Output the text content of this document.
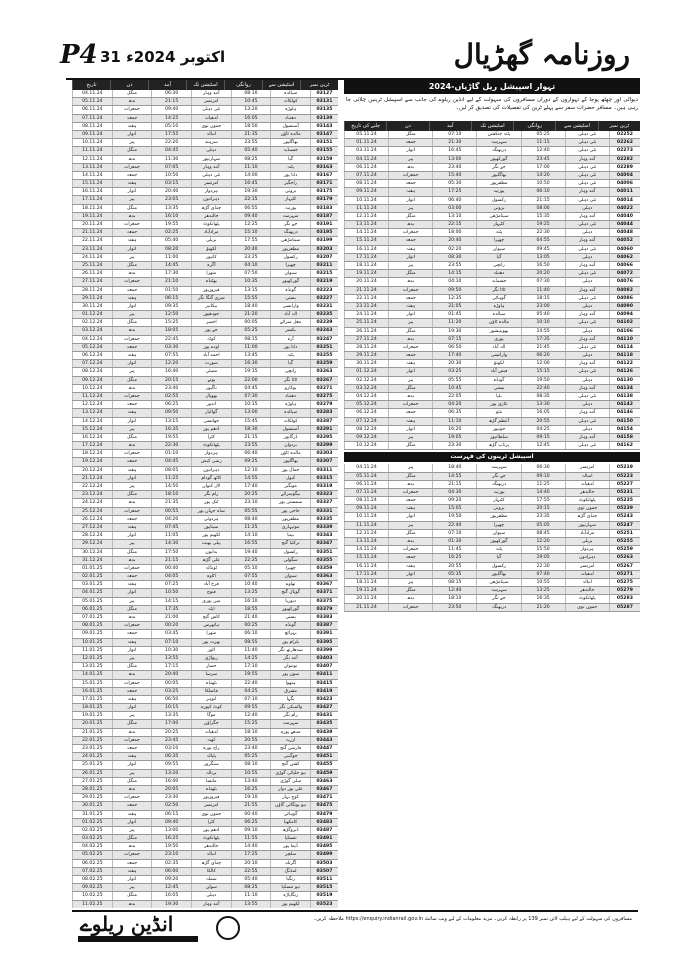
P4 31 اکتوبر 2024ء	روزنامہ گھڑیال
تہوار اسپیشل ریل گاڑیاں-2024
دیوالی اور چھٹھ پوجا کے تہواروں کے دوران مسافروں کی سہولت کے لیے انڈین ریلوے کی جانب سے اسپیشل ٹرینیں چلائی جا رہی ہیں۔ مسافر حضرات سفر سے پہلے ٹرین کی تفصیلات کی تصدیق کر لیں۔
ٹرین نمبر
اسٹیشن سے
روانگی
اسٹیشن تک
آمد
دن
چلنے کی تاریخ
02252
نئی دہلی
05:25
پٹنہ جنکشن
07:10
منگل
05.11.24
02262
نئی دہلی
11:15
سہرسہ
21:30
جمعہ
01.11.24
02273
نئی دہلی
12:40
دربھنگہ
16:45
اتوار
03.11.24
02282
آنند وہار
23:45
گورکھپور
13:00
پیر
04.11.24
02289
نئی دہلی
17:00
جے نگر
23:40
بدھ
06.11.24
04004
نئی دہلی
14:20
بھاگلپور
15:40
جمعرات
07.11.24
04006
نئی دہلی
10:50
مظفرپور
05:30
جمعہ
08.11.24
04011
آنند وہار
06:10
پورنیہ
17:25
ہفتہ
09.11.24
04014
نئی دہلی
21:15
رکسول
06:40
اتوار
10.11.24
04022
دہلی
08:00
برونی
03:00
پیر
11.11.24
04040
آنند وہار
15:35
سیتامڑھی
13:10
منگل
12.11.24
04044
نئی دہلی
19:25
کٹیہار
22:15
بدھ
13.11.24
04048
دہلی
22:30
پٹنہ
18:00
جمعرات
14.11.24
04052
آنند وہار
04:55
چھپرا
20:40
جمعہ
15.11.24
04060
نئی دہلی
09:45
سیوان
02:20
ہفتہ
16.11.24
04062
دہلی
13:05
گیا
08:30
اتوار
17.11.24
04066
آنند وہار
16:50
رانچی
23:55
پیر
18.11.24
04072
نئی دہلی
20:20
دھنباد
14:15
منگل
19.11.24
04076
دہلی
07:30
جسیڈیہ
04:10
بدھ
20.11.24
04082
آنند وہار
11:40
ٹاٹا نگر
09:50
جمعرات
21.11.24
04086
نئی دہلی
18:15
گوہاٹی
12:35
جمعہ
22.11.24
04090
دہلی
23:00
ہاوڑہ
21:05
ہفتہ
23.11.24
04094
آنند وہار
05:40
سیالدہ
01:45
اتوار
24.11.24
04102
نئی دہلی
10:10
مالدہ ٹاؤن
11:20
پیر
25.11.24
04106
دہلی
14:55
بھوبنیشور
19:30
منگل
26.11.24
04110
آنند وہار
17:35
پوری
07:15
بدھ
27.11.24
04114
نئی دہلی
21:45
الہ آباد
06:50
جمعرات
28.11.24
04118
دہلی
06:20
وارانسی
17:40
جمعہ
29.11.24
04122
آنند وہار
12:00
لکھنؤ
20:30
ہفتہ
30.11.24
04126
نئی دہلی
15:15
فیض آباد
03:25
اتوار
01.12.24
04130
دہلی
19:50
گونڈہ
05:55
پیر
02.12.24
04134
آنند وہار
22:40
بستی
10:45
منگل
03.12.24
04138
نئی دہلی
08:35
بلیا
22:05
بدھ
04.12.24
04142
دہلی
13:30
غازی پور
04:20
جمعرات
05.12.24
04146
آنند وہار
16:05
مئو
06:35
جمعہ
06.12.24
04150
نئی دہلی
20:55
آعظم گڑھ
11:10
ہفتہ
07.12.24
04154
دہلی
04:25
جونپور
16:20
اتوار
08.12.24
04158
آنند وہار
09:15
سلطانپور
19:05
پیر
09.12.24
04162
نئی دہلی
12:45
پرتاپ گڑھ
23:30
منگل
10.12.24
اسپیشل ٹرینوں کی فہرست
05219
امرتسر
06:30
سہرسہ
18:40
پیر
04.11.24
05223
امبالہ
09:10
جے نگر
14:55
منگل
05.11.24
05227
لدھیانہ
11:25
دربھنگہ
21:15
بدھ
06.11.24
05231
جالندھر
14:40
پورنیہ
04:30
جمعرات
07.11.24
05235
پٹھانکوٹ
17:55
کٹیہار
09:20
جمعہ
08.11.24
05239
جموں توی
20:15
برونی
15:05
ہفتہ
09.11.24
05243
چنڈی گڑھ
23:35
مظفرپور
19:50
اتوار
10.11.24
05247
سہارنپور
05:05
چھپرا
22:40
پیر
11.11.24
05251
مرادآباد
08:45
سیوان
07:10
منگل
12.11.24
05255
بریلی
12:20
گورکھپور
01:30
بدھ
13.11.24
05259
ہردوار
15:50
پٹنہ
11:45
جمعرات
14.11.24
05263
دہرادون
19:05
گیا
16:25
جمعہ
15.11.24
05267
امرتسر
22:30
رکسول
20:55
ہفتہ
16.11.24
05271
لدھیانہ
07:40
بھاگلپور
05:35
اتوار
17.11.24
05275
انبالہ
10:55
سیتامڑھی
08:15
پیر
18.11.24
05279
جالندھر
13:25
سہرسہ
12:40
منگل
19.11.24
05283
پٹھانکوٹ
16:35
جے نگر
18:10
بدھ
20.11.24
05287
جموں توی
21:20
دربھنگہ
23:50
جمعرات
21.11.24
ٹرین نمبر
اسٹیشن سے
روانگی
اسٹیشن تک
آمد
دن
تاریخ
03127
سیالدہ
08:10
آنند وہار
06:30
منگل
04.11.24
03131
کولکاتہ
10:45
امرتسر
21:15
بدھ
05.11.24
03135
ہاوڑہ
13:20
نئی دہلی
09:40
جمعرات
06.11.24
03139
دھنباد
16:05
لدھیانہ
14:25
جمعہ
07.11.24
03143
آسنسول
18:50
جموں توی
05:10
ہفتہ
08.11.24
03147
مالدہ ٹاؤن
21:35
انبالہ
17:55
اتوار
09.11.24
03151
بھاگلپور
23:55
سرہند
22:20
پیر
10.11.24
03155
جسیڈیہ
05:40
دہلی
04:45
منگل
11.11.24
03159
گیا
08:25
سہارنپور
11:30
بدھ
12.11.24
03163
پٹنہ
11:10
آنند وہار
07:05
جمعرات
13.11.24
03167
دانا پور
14:00
نئی دہلی
10:50
جمعہ
14.11.24
03171
راجگیر
16:45
امرتسر
03:15
ہفتہ
15.11.24
03175
برونی
19:30
ہردوار
20:40
اتوار
16.11.24
03179
کٹیہار
22:15
دہرادون
23:05
پیر
17.11.24
03183
پورنیہ
06:55
چنڈی گڑھ
13:35
منگل
18.11.24
03187
سہرسہ
09:40
جالندھر
16:10
بدھ
19.11.24
03191
جے نگر
12:25
پٹھانکوٹ
19:55
جمعرات
20.11.24
03195
دربھنگہ
15:10
مرادآباد
02:25
جمعہ
21.11.24
03199
سیتامڑھی
17:55
بریلی
05:40
ہفتہ
22.11.24
03203
مظفرپور
20:40
لکھنؤ
08:20
اتوار
23.11.24
03207
رکسول
23:25
کانپور
11:00
پیر
24.11.24
03211
چھپرا
04:10
آگرہ
14:45
منگل
25.11.24
03215
سیوان
07:50
متھرا
17:30
بدھ
26.11.24
03219
گورکھپور
10:35
بھٹنڈہ
21:10
جمعرات
27.11.24
03223
گونڈہ
13:15
فیروزپور
01:50
جمعہ
28.11.24
03227
بستی
15:55
شری گنگا نگر
06:15
ہفتہ
29.11.24
03231
وارانسی
18:40
بیکانیر
09:35
اتوار
30.11.24
03235
الہ آباد
21:20
جودھپور
12:50
پیر
01.12.24
03239
مغل سرائے
00:05
اجمیر
15:25
منگل
02.12.24
03243
بکسر
05:25
جے پور
18:05
بدھ
03.12.24
03247
آرہ
08:15
کوٹہ
22:45
جمعرات
04.12.24
03251
دانا پور
11:00
اودے پور
03:30
جمعہ
05.12.24
03255
پٹنہ
13:45
احمد آباد
07:55
ہفتہ
06.12.24
03259
گیا
16:30
سورت
12:20
اتوار
07.12.24
03263
رانچی
19:15
ممبئی
16:40
پیر
08.12.24
03267
ٹاٹا نگر
22:00
پونے
20:15
منگل
09.12.24
03271
بوکارو
04:45
ناگپور
23:40
بدھ
10.12.24
03275
دھنباد
07:30
بھوپال
02:55
جمعرات
11.12.24
03279
ہاوڑہ
10:15
اندور
06:25
جمعہ
12.12.24
03283
سیالدہ
13:00
گوالیار
09:50
ہفتہ
13.12.24
03287
کولکاتہ
15:45
جھانسی
13:15
اتوار
14.12.24
03291
آسنسول
18:30
ادھم پور
16:35
پیر
15.12.24
03295
دُرگاپور
21:15
کٹرا
19:55
منگل
16.12.24
03299
بردوان
23:55
پٹھانکوٹ
22:30
بدھ
17.12.24
03303
مالدہ ٹاؤن
06:40
ہردوار
01:10
جمعرات
18.12.24
03307
بھاگلپور
09:25
رشی کیش
04:45
جمعہ
19.12.24
03311
جمال پور
12:10
دہرادون
08:05
ہفتہ
20.12.24
03315
کیول
14:55
کاٹھ گودام
11:25
اتوار
21.12.24
03319
مونگیر
17:40
لال کنواں
14:50
پیر
22.12.24
03323
بیگوسرائے
20:25
رام نگر
18:10
منگل
23.12.24
03327
سمستی پور
23:10
ٹنک پور
21:35
بدھ
24.12.24
03331
حاجی پور
05:55
شاہ جہاں پور
00:55
جمعرات
25.12.24
03335
مظفرپور
08:40
ہردوئی
04:20
جمعہ
26.12.24
03339
موتیہاری
11:25
سیتاپور
07:45
ہفتہ
27.12.24
03343
بیتیا
14:10
لکھیم پور
11:05
اتوار
28.12.24
03347
نرکٹیا گنج
16:55
پیلی بھیت
14:30
پیر
29.12.24
03351
رکسول
19:40
بدایوں
17:50
منگل
30.12.24
03355
سگولی
22:25
علی گڑھ
21:15
بدھ
31.12.24
03359
چھپرا
05:10
ٹونڈلہ
00:40
جمعرات
01.01.25
03363
سیوان
07:55
اٹاوہ
04:05
جمعہ
02.01.25
03367
تھاوے
10:40
فرخ آباد
07:25
ہفتہ
03.01.25
03371
گوپال گنج
13:25
قنوج
10:50
اتوار
04.01.25
03375
دیوریا
16:10
مین پوری
14:15
پیر
05.01.25
03379
گورکھپور
18:55
ایٹہ
17:35
منگل
06.01.25
03383
بستی
21:40
کاس گنج
21:00
بدھ
07.01.25
03387
گونڈہ
00:25
ہاتھرس
00:20
جمعرات
08.01.25
03391
بہرائچ
06:10
متھرا
03:45
جمعہ
09.01.25
03395
بلرام پور
08:55
بھرت پور
07:10
ہفتہ
10.01.25
03399
سدھارتھ نگر
11:40
الور
10:30
اتوار
11.01.25
03403
آنند نگر
14:25
ریواڑی
13:55
پیر
12.01.25
03407
نوتنواں
17:10
حصار
17:15
منگل
13.01.25
03411
سون پور
19:55
سرسا
20:40
بدھ
14.01.25
03415
ہتھوا
22:40
بٹھنڈہ
00:05
جمعرات
15.01.25
03419
مشرق
04:25
فاضلکا
03:25
جمعہ
16.01.25
03423
بگہا
07:10
ابوہر
06:50
ہفتہ
17.01.25
03427
والمیکی نگر
09:55
کوٹ کپورہ
10:15
اتوار
18.01.25
03431
رام نگر
12:40
موگا
13:35
پیر
19.01.25
03435
سہرسہ
15:25
جگراؤں
17:00
منگل
20.01.25
03439
مدھے پورہ
18:10
لدھیانہ
20:25
بدھ
21.01.25
03443
ارریہ
20:55
کھنہ
23:45
جمعرات
22.01.25
03447
فاربس گنج
23:40
راج پورہ
03:10
جمعہ
23.01.25
03451
جوگبنی
05:25
پٹیالہ
06:35
ہفتہ
24.01.25
03455
کشن گنج
08:10
سنگرور
09:55
اتوار
25.01.25
03459
نیو جلپائی گوڑی
10:55
برنالہ
13:20
پیر
26.01.25
03463
سلی گوڑی
13:40
مانسا
16:40
منگل
27.01.25
03467
علی پور دوار
16:25
بٹھنڈہ
20:05
بدھ
28.01.25
03471
کوچ بہار
19:10
فیروزپور
23:30
جمعرات
29.01.25
03475
نیو بونگائی گاؤں
21:55
امرتسر
02:50
جمعہ
30.01.25
03479
گوہاٹی
00:40
جموں توی
06:15
ہفتہ
31.01.25
03483
کامکھیا
06:25
کٹرا
09:40
اتوار
01.02.25
03487
ڈبروگڑھ
09:10
ادھم پور
13:00
پیر
02.02.25
03491
تنسکیا
11:55
پٹھانکوٹ
16:25
منگل
03.02.25
03495
ڈیما پور
14:40
جالندھر
19:50
بدھ
04.02.25
03499
سلچر
17:25
انبالہ
23:10
جمعرات
05.02.25
03503
اگرتلہ
20:10
چنڈی گڑھ
02:35
جمعہ
06.02.25
03507
لمڈنگ
22:55
کالکا
06:00
ہفتہ
07.02.25
03511
رنگیا
05:40
شملہ
09:20
اتوار
08.02.25
03515
نیو تنسکیا
08:25
سولن
12:45
پیر
09.02.25
03519
رنگاپاڑہ
11:10
دہلی
16:05
منگل
10.02.25
03523
لکھیم پور
13:55
آنند وہار
19:30
بدھ
11.02.25
انڈین ریلوے	مسافروں کی سہولت کے لیے ہیلپ لائن نمبر 139 پر رابطہ کریں۔ مزید معلومات کے لیے ویب سائٹ https://enquiry.indianrail.gov.in ملاحظہ کریں۔
